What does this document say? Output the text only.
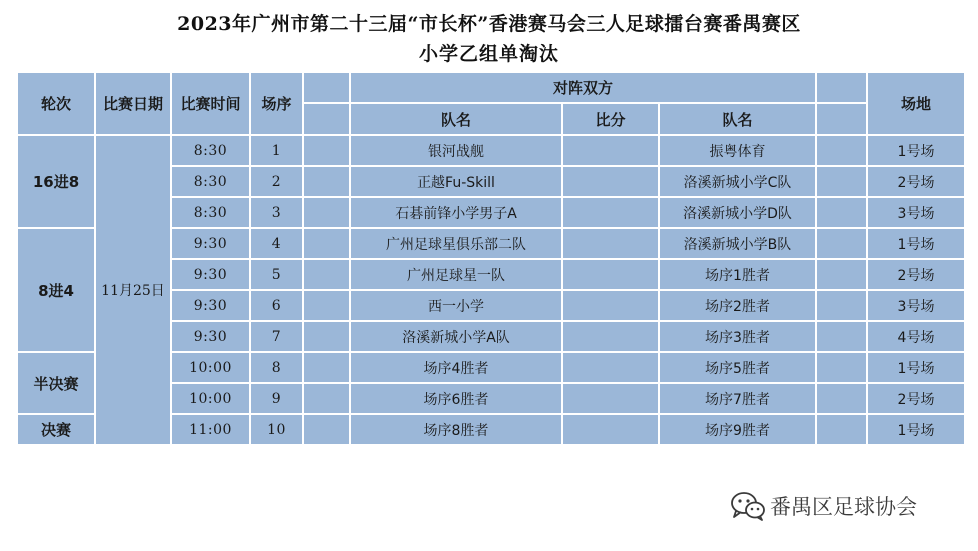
2023年广州市第二十三届“市长杯”香港赛马会三人足球擂台赛番禺赛区
小学乙组单淘汰
轮次	比赛日期	比赛时间	场序		对阵双方				场地
					队名	比分	队名		
16进8	11月25日	8:30	1		银河战舰		振粤体育		1号场
		8:30	2		正越Fu-Skill		洛溪新城小学C队		2号场
		8:30	3		石碁前锋小学男子A		洛溪新城小学D队		3号场
8进4		9:30	4		广州足球星俱乐部二队		洛溪新城小学B队		1号场
		9:30	5		广州足球星一队		场序1胜者		2号场
		9:30	6		西一小学		场序2胜者		3号场
		9:30	7		洛溪新城小学A队		场序3胜者		4号场
半决赛		10:00	8		场序4胜者		场序5胜者		1号场
		10:00	9		场序6胜者		场序7胜者		2号场
决赛		11:00	10		场序8胜者		场序9胜者		1号场
番禺区足球协会
